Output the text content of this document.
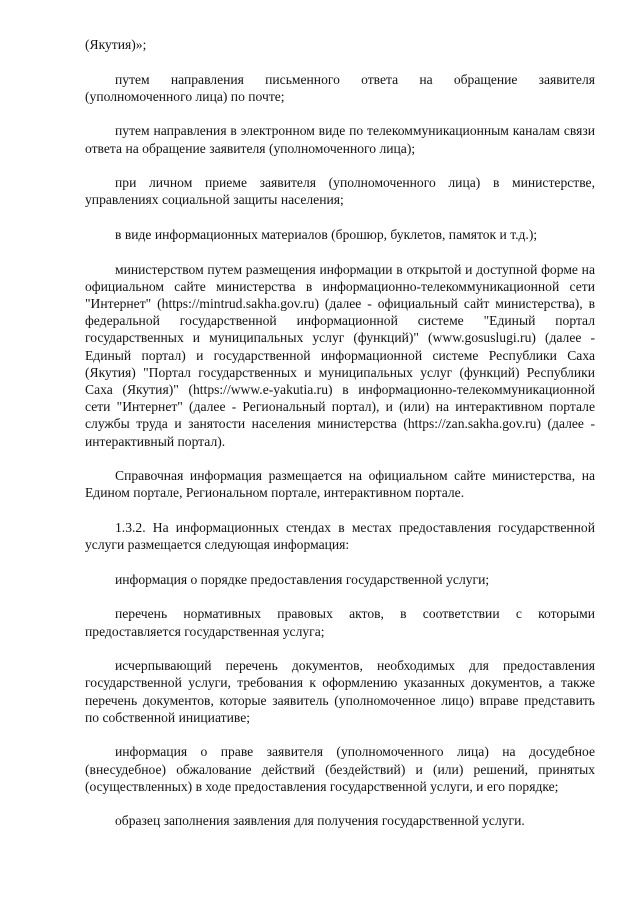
(Якутия)»;

путем направления письменного ответа на обращение заявителя (уполномоченного лица) по почте;

путем направления в электронном виде по телекоммуникационным каналам связи ответа на обращение заявителя (уполномоченного лица);

при личном приеме заявителя (уполномоченного лица) в министерстве, управлениях социальной защиты населения;

в виде информационных материалов (брошюр, буклетов, памяток и т.д.);

министерством путем размещения информации в открытой и доступной форме на официальном сайте министерства в информационно-телекоммуникационной сети "Интернет" (https://mintrud.sakha.gov.ru) (далее - официальный сайт министерства), в федеральной государственной информационной системе "Единый портал государственных и муниципальных услуг (функций)" (www.gosuslugi.ru) (далее - Единый портал) и государственной информационной системе Республики Саха (Якутия) "Портал государственных и муниципальных услуг (функций) Республики Саха (Якутия)" (https://www.e-yakutia.ru) в информационно-телекоммуникационной сети "Интернет" (далее - Региональный портал), и (или) на интерактивном портале службы труда и занятости населения министерства (https://zan.sakha.gov.ru) (далее - интерактивный портал).

Справочная информация размещается на официальном сайте министерства, на Едином портале, Региональном портале, интерактивном портале.

1.3.2. На информационных стендах в местах предоставления государственной услуги размещается следующая информация:

информация о порядке предоставления государственной услуги;

перечень нормативных правовых актов, в соответствии с которыми предоставляется государственная услуга;

исчерпывающий перечень документов, необходимых для предоставления государственной услуги, требования к оформлению указанных документов, а также перечень документов, которые заявитель (уполномоченное лицо) вправе представить по собственной инициативе;

информация о праве заявителя (уполномоченного лица) на досудебное (внесудебное) обжалование действий (бездействий) и (или) решений, принятых (осуществленных) в ходе предоставления государственной услуги, и его порядке;

образец заполнения заявления для получения государственной услуги.
